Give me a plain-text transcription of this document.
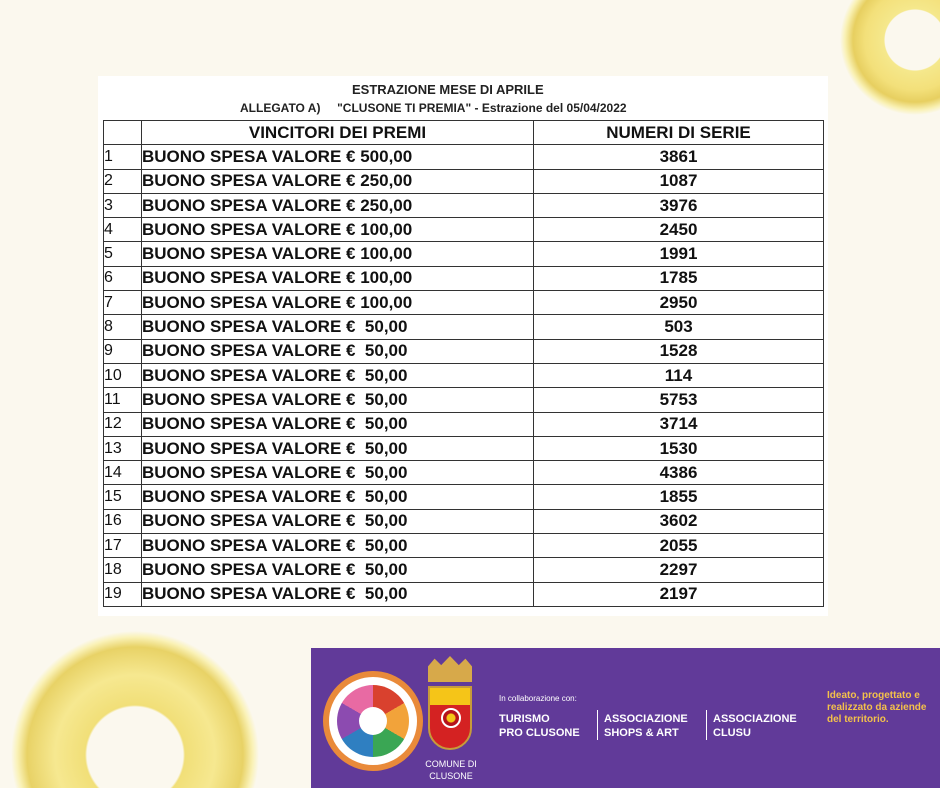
ESTRAZIONE MESE DI APRILE
ALLEGATO A) "CLUSONE TI PREMIA" - Estrazione del 05/04/2022
	VINCITORI DEI PREMI	NUMERI DI SERIE
1	BUONO SPESA VALORE € 500,00	3861
2	BUONO SPESA VALORE € 250,00	1087
3	BUONO SPESA VALORE € 250,00	3976
4	BUONO SPESA VALORE € 100,00	2450
5	BUONO SPESA VALORE € 100,00	1991
6	BUONO SPESA VALORE € 100,00	1785
7	BUONO SPESA VALORE € 100,00	2950
8	BUONO SPESA VALORE €  50,00	503
9	BUONO SPESA VALORE €  50,00	1528
10	BUONO SPESA VALORE €  50,00	114
11	BUONO SPESA VALORE €  50,00	5753
12	BUONO SPESA VALORE €  50,00	3714
13	BUONO SPESA VALORE €  50,00	1530
14	BUONO SPESA VALORE €  50,00	4386
15	BUONO SPESA VALORE €  50,00	1855
16	BUONO SPESA VALORE €  50,00	3602
17	BUONO SPESA VALORE €  50,00	2055
18	BUONO SPESA VALORE €  50,00	2297
19	BUONO SPESA VALORE €  50,00	2197
COMUNE DI CLUSONE
In collaborazione con:
TURISMO
PRO CLUSONE
ASSOCIAZIONE
SHOPS & ART
ASSOCIAZIONE
CLUSU
Ideato, progettato e realizzato da aziende del territorio.
